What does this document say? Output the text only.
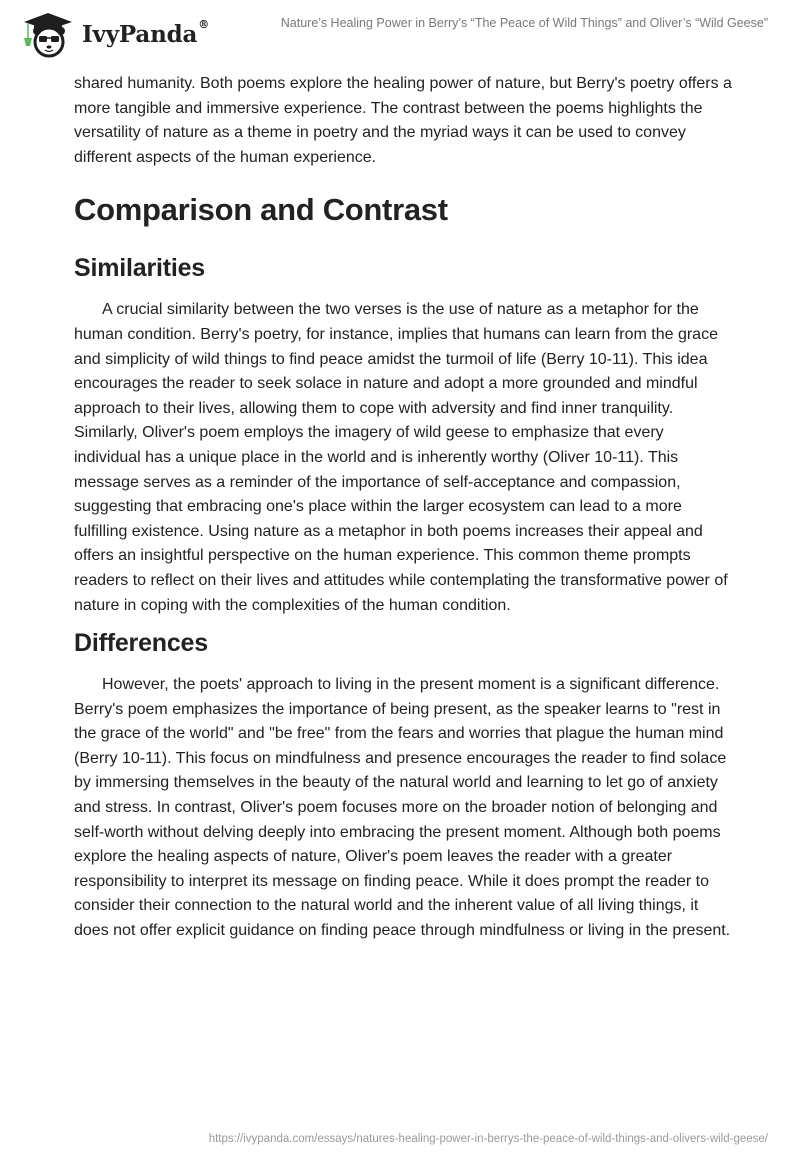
IvyPanda®	Nature’s Healing Power in Berry’s “The Peace of Wild Things” and Oliver’s “Wild Geese”

shared humanity. Both poems explore the healing power of nature, but Berry's poetry offers a more tangible and immersive experience. The contrast between the poems highlights the versatility of nature as a theme in poetry and the myriad ways it can be used to convey different aspects of the human experience.

Comparison and Contrast
Similarities

A crucial similarity between the two verses is the use of nature as a metaphor for the human condition. Berry's poetry, for instance, implies that humans can learn from the grace and simplicity of wild things to find peace amidst the turmoil of life (Berry 10-11). This idea encourages the reader to seek solace in nature and adopt a more grounded and mindful approach to their lives, allowing them to cope with adversity and find inner tranquility. Similarly, Oliver's poem employs the imagery of wild geese to emphasize that every individual has a unique place in the world and is inherently worthy (Oliver 10-11). This message serves as a reminder of the importance of self-acceptance and compassion, suggesting that embracing one's place within the larger ecosystem can lead to a more fulfilling existence. Using nature as a metaphor in both poems increases their appeal and offers an insightful perspective on the human experience. This common theme prompts readers to reflect on their lives and attitudes while contemplating the transformative power of nature in coping with the complexities of the human condition.

Differences

However, the poets' approach to living in the present moment is a significant difference. Berry's poem emphasizes the importance of being present, as the speaker learns to "rest in the grace of the world" and "be free" from the fears and worries that plague the human mind (Berry 10-11). This focus on mindfulness and presence encourages the reader to find solace by immersing themselves in the beauty of the natural world and learning to let go of anxiety and stress. In contrast, Oliver's poem focuses more on the broader notion of belonging and self-worth without delving deeply into embracing the present moment. Although both poems explore the healing aspects of nature, Oliver's poem leaves the reader with a greater responsibility to interpret its message on finding peace. While it does prompt the reader to consider their connection to the natural world and the inherent value of all living things, it does not offer explicit guidance on finding peace through mindfulness or living in the present.

https://ivypanda.com/essays/natures-healing-power-in-berrys-the-peace-of-wild-things-and-olivers-wild-geese/
